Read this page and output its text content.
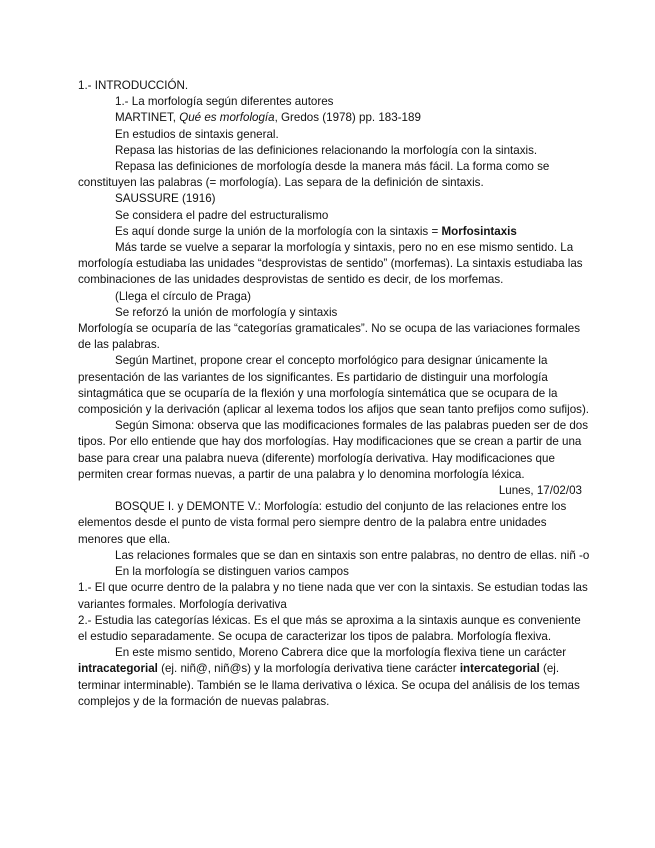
1.- INTRODUCCIÓN.
1.- La morfología según diferentes autores
MARTINET, Qué es morfología, Gredos (1978) pp. 183-189
En estudios de sintaxis general.
Repasa las historias de las definiciones relacionando la morfología con la sintaxis.

Repasa las definiciones de morfología desde la manera más fácil. La forma como se constituyen las palabras (= morfología). Las separa de la definición de sintaxis.

SAUSSURE (1916)
Se considera el padre del estructuralismo
Es aquí donde surge la unión de la morfología con la sintaxis = Morfosintaxis

Más tarde se vuelve a separar la morfología y sintaxis, pero no en ese mismo sentido. La morfología estudiaba las unidades “desprovistas de sentido” (morfemas). La sintaxis estudiaba las combinaciones de las unidades desprovistas de sentido es decir, de los morfemas.

(Llega el círculo de Praga)
Se reforzó la unión de morfología y sintaxis

Morfología se ocuparía de las “categorías gramaticales”. No se ocupa de las variaciones formales de las palabras.

Según Martinet, propone crear el concepto morfológico para designar únicamente la presentación de las variantes de los significantes. Es partidario de distinguir una morfología sintagmática que se ocuparía de la flexión y una morfología sintemática que se ocupara de la composición y la derivación (aplicar al lexema todos los afijos que sean tanto prefijos como sufijos).

Según Simona: observa que las modificaciones formales de las palabras pueden ser de dos tipos. Por ello entiende que hay dos morfologías. Hay modificaciones que se crean a partir de una base para crear una palabra nueva (diferente) morfología derivativa. Hay modificaciones que permiten crear formas nuevas, a partir de una palabra y lo denomina morfología léxica.

Lunes, 17/02/03

BOSQUE I. y DEMONTE V.: Morfología: estudio del conjunto de las relaciones entre los elementos desde el punto de vista formal pero siempre dentro de la palabra entre unidades menores que ella.

Las relaciones formales que se dan en sintaxis son entre palabras, no dentro de ellas. niñ -o

En la morfología se distinguen varios campos

1.- El que ocurre dentro de la palabra y no tiene nada que ver con la sintaxis. Se estudian todas las variantes formales. Morfología derivativa

2.- Estudia las categorías léxicas. Es el que más se aproxima a la sintaxis aunque es conveniente el estudio separadamente. Se ocupa de caracterizar los tipos de palabra. Morfología flexiva.

En este mismo sentido, Moreno Cabrera dice que la morfología flexiva tiene un carácter intracategorial (ej. niñ@, niñ@s) y la morfología derivativa tiene carácter intercategorial (ej. terminar interminable). También se le llama derivativa o léxica. Se ocupa del análisis de los temas complejos y de la formación de nuevas palabras.
